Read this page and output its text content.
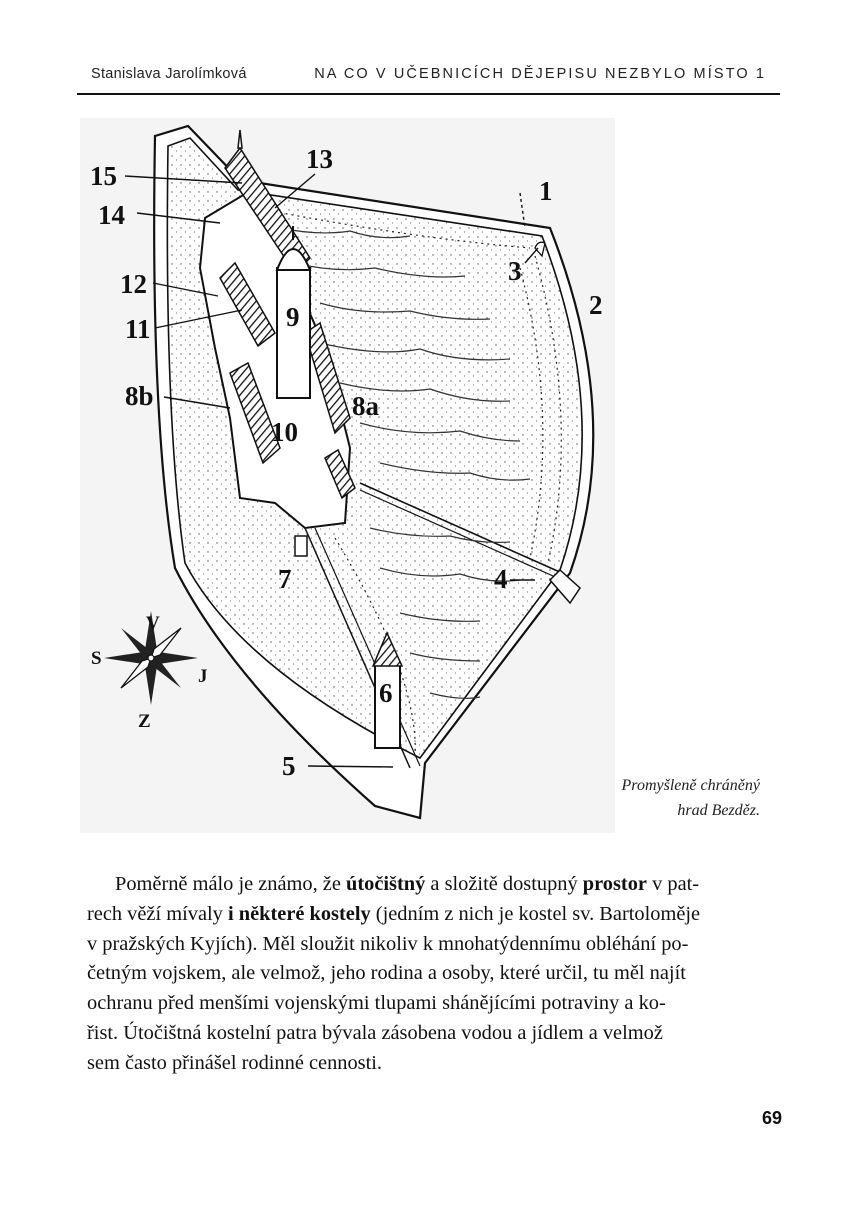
Stanislava Jarolímková	NA CO V UČEBNICÍCH DĚJEPISU NEZBYLO MÍSTO 1
V
Z
S
J
1
2
3
4
5
6
7
8a
8b
9
10
11
12
13
14
15
Promyšleně chráněný
hrad Bezděz.
Poměrně málo je známo, že útočištný a složitě dostupný prostor v pat-
rech věží mívaly i některé kostely (jedním z nich je kostel sv. Bartoloměje
v pražských Kyjích). Měl sloužit nikoliv k mnohatýdennímu obléhání po-
četným vojskem, ale velmož, jeho rodina a osoby, které určil, tu měl najít
ochranu před menšími vojenskými tlupami shánějícími potraviny a ko-
řist. Útočištná kostelní patra bývala zásobena vodou a jídlem a velmož
sem často přinášel rodinné cennosti.
69
